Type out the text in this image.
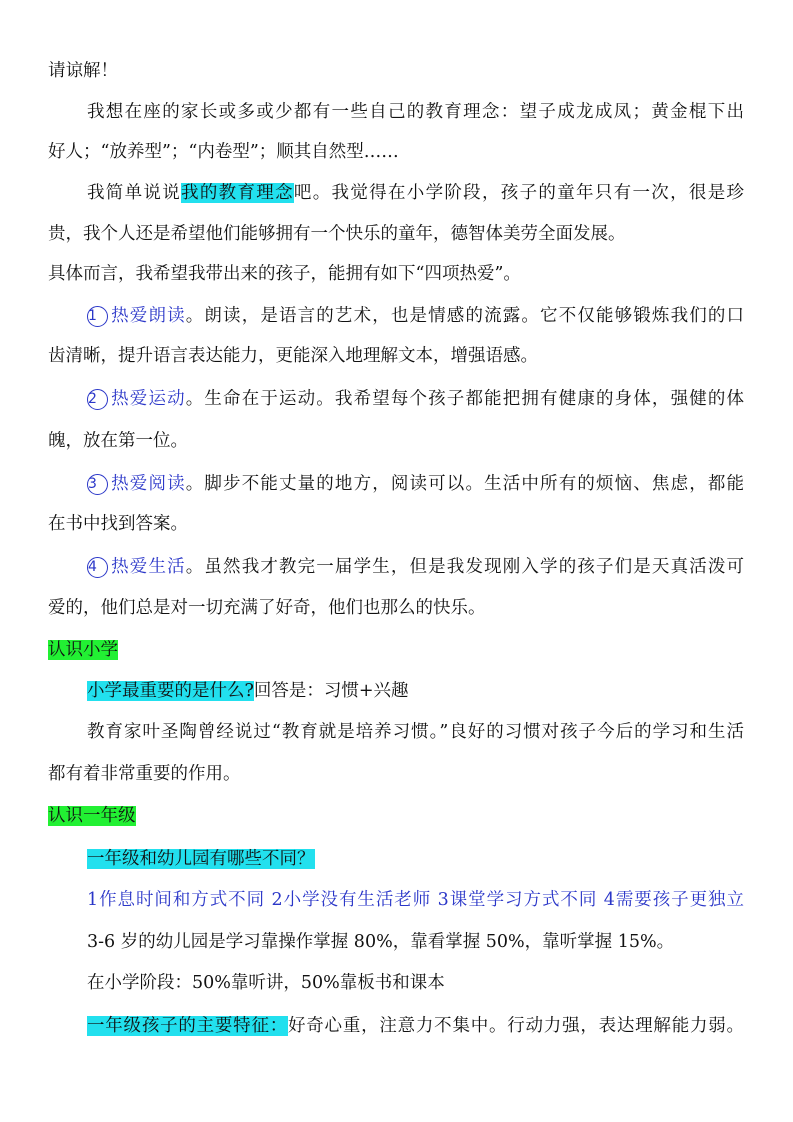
请谅解！
我想在座的家长或多或少都有一些自己的教育理念：望子成龙成凤；黄金棍下出
好人；“放养型”；“内卷型”；顺其自然型……
我简单说说我的教育理念吧。我觉得在小学阶段，孩子的童年只有一次，很是珍
贵，我个人还是希望他们能够拥有一个快乐的童年，德智体美劳全面发展。
具体而言，我希望我带出来的孩子，能拥有如下“四项热爱”。
1 热爱朗读。朗读，是语言的艺术，也是情感的流露。它不仅能够锻炼我们的口
齿清晰，提升语言表达能力，更能深入地理解文本，增强语感。
2 热爱运动。生命在于运动。我希望每个孩子都能把拥有健康的身体，强健的体
魄，放在第一位。
3 热爱阅读。脚步不能丈量的地方，阅读可以。生活中所有的烦恼、焦虑，都能
在书中找到答案。
4 热爱生活。虽然我才教完一届学生，但是我发现刚入学的孩子们是天真活泼可
爱的，他们总是对一切充满了好奇，他们也那么的快乐。
认识小学
小学最重要的是什么?回答是：习惯+兴趣
教育家叶圣陶曾经说过“教育就是培养习惯。”良好的习惯对孩子今后的学习和生活
都有着非常重要的作用。
认识一年级
一年级和幼儿园有哪些不同？
1作息时间和方式不同 2小学没有生活老师 3课堂学习方式不同 4需要孩子更独立
3-6 岁的幼儿园是学习靠操作掌握 80%，靠看掌握 50%，靠听掌握 15%。
在小学阶段：50%靠听讲，50%靠板书和课本
一年级孩子的主要特征：好奇心重，注意力不集中。行动力强，表达理解能力弱。
